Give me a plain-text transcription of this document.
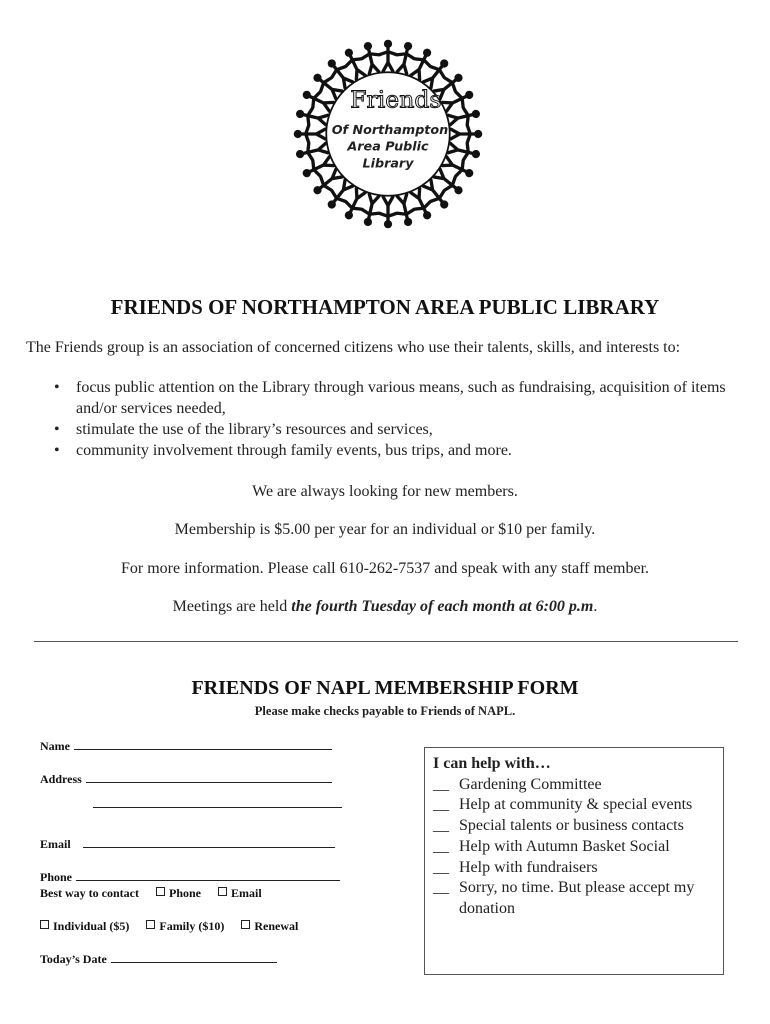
Friends
Of Northampton
Area Public
Library
FRIENDS OF NORTHAMPTON AREA PUBLIC LIBRARY
The Friends group is an association of concerned citizens who use their talents, skills, and interests to:
• focus public attention on the Library through various means, such as fundraising, acquisition of items and/or services needed,
• stimulate the use of the library’s resources and services,
• community involvement through family events, bus trips, and more.
We are always looking for new members.
Membership is $5.00 per year for an individual or $10 per family.
For more information. Please call 610-262-7537 and speak with any staff member.
Meetings are held the fourth Tuesday of each month at 6:00 p.m.
FRIENDS OF NAPL MEMBERSHIP FORM
Please make checks payable to Friends of NAPL.
Name
Address
Email
Phone
Best way to contact	Phone	Email
Individual ($5)	Family ($10)	Renewal
Today’s Date
I can help with…
__ Gardening Committee
__ Help at community & special events
__ Special talents or business contacts
__ Help with Autumn Basket Social
__ Help with fundraisers
__ Sorry, no time. But please accept my donation
